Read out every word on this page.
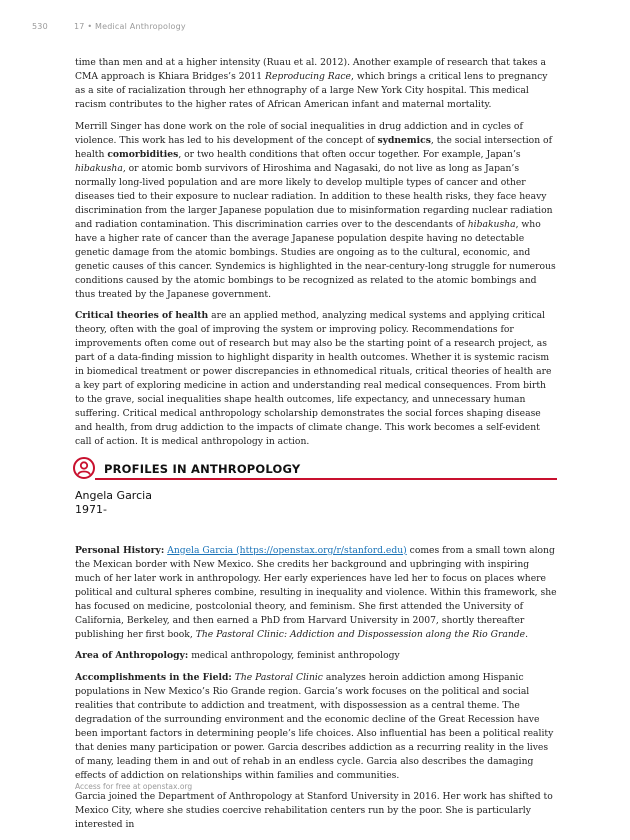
530	17 • Medical Anthropology

time than men and at a higher intensity (Ruau et al. 2012). Another example of research that takes a CMA approach is Khiara Bridges’s 2011 Reproducing Race, which brings a critical lens to pregnancy as a site of racialization through her ethnography of a large New York City hospital. This medical racism contributes to the higher rates of African American infant and maternal mortality.

Merrill Singer has done work on the role of social inequalities in drug addiction and in cycles of violence. This work has led to his development of the concept of sydnemics, the social intersection of health comorbidities, or two health conditions that often occur together. For example, Japan’s hibakusha, or atomic bomb survivors of Hiroshima and Nagasaki, do not live as long as Japan’s normally long-lived population and are more likely to develop multiple types of cancer and other diseases tied to their exposure to nuclear radiation. In addition to these health risks, they face heavy discrimination from the larger Japanese population due to misinformation regarding nuclear radiation and radiation contamination. This discrimination carries over to the descendants of hibakusha, who have a higher rate of cancer than the average Japanese population despite having no detectable genetic damage from the atomic bombings. Studies are ongoing as to the cultural, economic, and genetic causes of this cancer. Syndemics is highlighted in the near-century-long struggle for numerous conditions caused by the atomic bombings to be recognized as related to the atomic bombings and thus treated by the Japanese government.

Critical theories of health are an applied method, analyzing medical systems and applying critical theory, often with the goal of improving the system or improving policy. Recommendations for improvements often come out of research but may also be the starting point of a research project, as part of a data-finding mission to highlight disparity in health outcomes. Whether it is systemic racism in biomedical treatment or power discrepancies in ethnomedical rituals, critical theories of health are a key part of exploring medicine in action and understanding real medical consequences. From birth to the grave, social inequalities shape health outcomes, life expectancy, and unnecessary human suffering. Critical medical anthropology scholarship demonstrates the social forces shaping disease and health, from drug addiction to the impacts of climate change. This work becomes a self-evident call of action. It is medical anthropology in action.

PROFILES IN ANTHROPOLOGY
Angela Garcia
1971-

Personal History: Angela Garcia (https://openstax.org/r/stanford.edu) comes from a small town along the Mexican border with New Mexico. She credits her background and upbringing with inspiring much of her later work in anthropology. Her early experiences have led her to focus on places where political and cultural spheres combine, resulting in inequality and violence. Within this framework, she has focused on medicine, postcolonial theory, and feminism. She first attended the University of California, Berkeley, and then earned a PhD from Harvard University in 2007, shortly thereafter publishing her first book, The Pastoral Clinic: Addiction and Dispossession along the Rio Grande.

Area of Anthropology: medical anthropology, feminist anthropology

Accomplishments in the Field: The Pastoral Clinic analyzes heroin addiction among Hispanic populations in New Mexico’s Rio Grande region. Garcia’s work focuses on the political and social realities that contribute to addiction and treatment, with dispossession as a central theme. The degradation of the surrounding environment and the economic decline of the Great Recession have been important factors in determining people’s life choices. Also influential has been a political reality that denies many participation or power. Garcia describes addiction as a recurring reality in the lives of many, leading them in and out of rehab in an endless cycle. Garcia also describes the damaging effects of addiction on relationships within families and communities.

Garcia joined the Department of Anthropology at Stanford University in 2016. Her work has shifted to Mexico City, where she studies coercive rehabilitation centers run by the poor. She is particularly interested in

Access for free at openstax.org
